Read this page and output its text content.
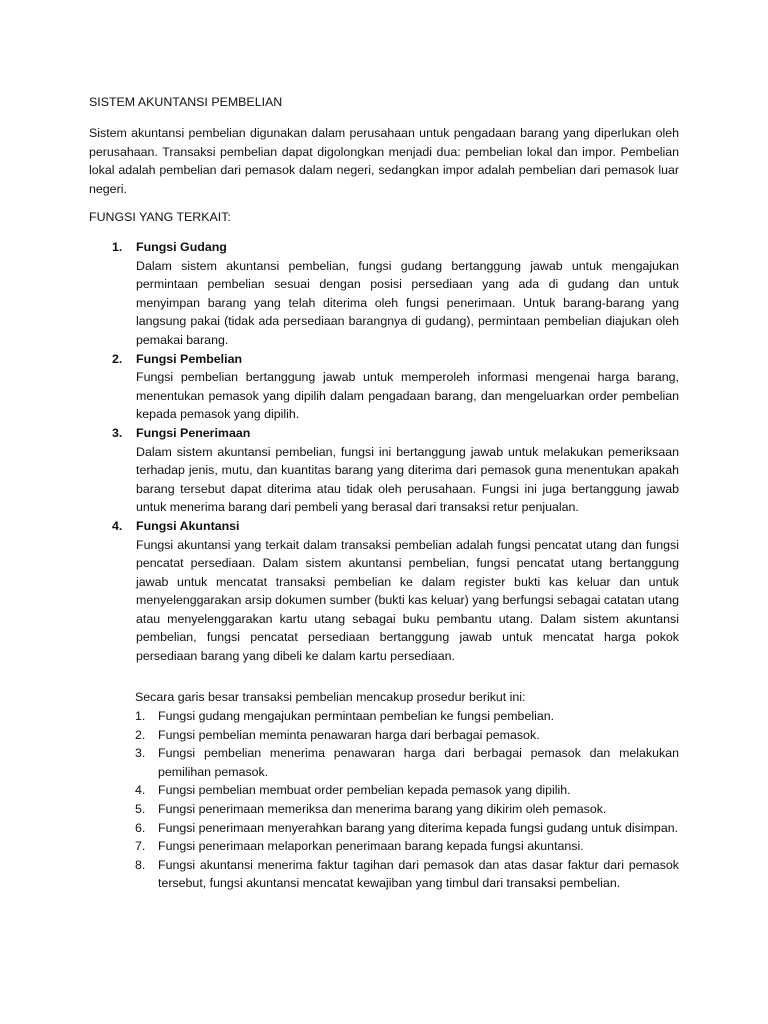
SISTEM AKUNTANSI PEMBELIAN

Sistem akuntansi pembelian digunakan dalam perusahaan untuk pengadaan barang yang diperlukan oleh perusahaan. Transaksi pembelian dapat digolongkan menjadi dua: pembelian lokal dan impor. Pembelian lokal adalah pembelian dari pemasok dalam negeri, sedangkan impor adalah pembelian dari pemasok luar negeri.

FUNGSI YANG TERKAIT:
1. Fungsi Gudang

Dalam sistem akuntansi pembelian, fungsi gudang bertanggung jawab untuk mengajukan permintaan pembelian sesuai dengan posisi persediaan yang ada di gudang dan untuk menyimpan barang yang telah diterima oleh fungsi penerimaan. Untuk barang-barang yang langsung pakai (tidak ada persediaan barangnya di gudang), permintaan pembelian diajukan oleh pemakai barang.

2. Fungsi Pembelian

Fungsi pembelian bertanggung jawab untuk memperoleh informasi mengenai harga barang, menentukan pemasok yang dipilih dalam pengadaan barang, dan mengeluarkan order pembelian kepada pemasok yang dipilih.

3. Fungsi Penerimaan

Dalam sistem akuntansi pembelian, fungsi ini bertanggung jawab untuk melakukan pemeriksaan terhadap jenis, mutu, dan kuantitas barang yang diterima dari pemasok guna menentukan apakah barang tersebut dapat diterima atau tidak oleh perusahaan. Fungsi ini juga bertanggung jawab untuk menerima barang dari pembeli yang berasal dari transaksi retur penjualan.

4. Fungsi Akuntansi

Fungsi akuntansi yang terkait dalam transaksi pembelian adalah fungsi pencatat utang dan fungsi pencatat persediaan. Dalam sistem akuntansi pembelian, fungsi pencatat utang bertanggung jawab untuk mencatat transaksi pembelian ke dalam register bukti kas keluar dan untuk menyelenggarakan arsip dokumen sumber (bukti kas keluar) yang berfungsi sebagai catatan utang atau menyelenggarakan kartu utang sebagai buku pembantu utang. Dalam sistem akuntansi pembelian, fungsi pencatat persediaan bertanggung jawab untuk mencatat harga pokok persediaan barang yang dibeli ke dalam kartu persediaan.

Secara garis besar transaksi pembelian mencakup prosedur berikut ini:

1. Fungsi gudang mengajukan permintaan pembelian ke fungsi pembelian.
2. Fungsi pembelian meminta penawaran harga dari berbagai pemasok.
3. Fungsi pembelian menerima penawaran harga dari berbagai pemasok dan melakukan pemilihan pemasok.
4. Fungsi pembelian membuat order pembelian kepada pemasok yang dipilih.
5. Fungsi penerimaan memeriksa dan menerima barang yang dikirim oleh pemasok.
6. Fungsi penerimaan menyerahkan barang yang diterima kepada fungsi gudang untuk disimpan.
7. Fungsi penerimaan melaporkan penerimaan barang kepada fungsi akuntansi.
8. Fungsi akuntansi menerima faktur tagihan dari pemasok dan atas dasar faktur dari pemasok tersebut, fungsi akuntansi mencatat kewajiban yang timbul dari transaksi pembelian.
